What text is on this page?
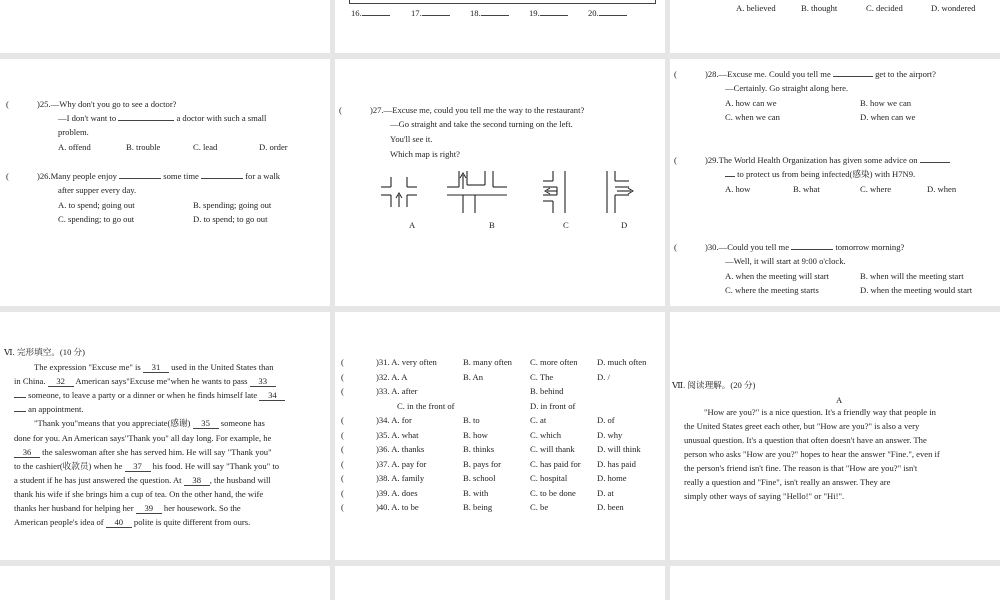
16.	17.	18.	19.	20.	A. believed	B. thought	C. decided	D. wondered
(	)25.—Why don't you go to see a doctor?
—I don't want to	a doctor with such a small
problem.
A. offend	B. trouble	C. lead	D. order
(	)26.Many people enjoy	some time	for a walk
after supper every day.
A. to spend; going out	B. spending; going out
C. spending; to go out	D. to spend; to go out
(	)27.—Excuse me, could you tell me the way to the restaurant?
—Go straight and take the second turning on the left.
You'll see it.
Which map is right?
A	B	C	D
(	)28.—Excuse me. Could you tell me	get to the airport?
—Certainly. Go straight along here.
A. how can we	B. how we can
C. when we can	D. when can we
(	)29.The World Health Organization has given some advice on
to protect us from being infected(感染) with H7N9.
A. how	B. what	C. where	D. when
(	)30.—Could you tell me	tomorrow morning?
—Well, it will start at 9:00 o'clock.
A. when the meeting will start	B. when will the meeting start
C. where the meeting starts	D. when the meeting would start
Ⅵ. 完形填空。(10 分)
The expression "Excuse me" is 31 used in the United States than
in China. 32 American says"Excuse me"when he wants to pass 33
someone, to leave a party or a dinner or when he finds himself late 34
an appointment.
"Thank you"means that you appreciate(感谢) 35 someone has
done for you. An American says"Thank you" all day long. For example, he
36 the saleswoman after she has served him. He will say "Thank you"
to the cashier(收款员) when he 37 his food. He will say "Thank you" to
a student if he has just answered the question. At 38 , the husband will
thank his wife if she brings him a cup of tea. On the other hand, the wife
thanks her husband for helping her 39 her housework. So the
American people's idea of 40 polite is quite different from ours.
(	)31. A. very often	B. many often C. more often D. much often
(	)32. A. A	B. An	C. The	D. /
(	)33. A. after	B. behind
C. in the front of	D. in front of
(	)34. A. for	B. to	C. at	D. of
(	)35. A. what	B. how	C. which	D. why
(	)36. A. thanks	B. thinks	C. will thank	D. will think
(	)37. A. pay for	B. pays for	C. has paid for D. has paid
(	)38. A. family	B. school	C. hospital	D. home
(	)39. A. does	B. with	C. to be done D. at
(	)40. A. to be	B. being	C. be	D. been
Ⅶ. 阅读理解。(20 分)
A
"How are you?" is a nice question. It's a friendly way that people in
the United States greet each other, but "How are you?" is also a very
unusual question. It's a question that often doesn't have an answer. The
person who asks "How are you?" hopes to hear the answer "Fine.", even if
the person's friend isn't fine. The reason is that "How are you?" isn't
really a question and "Fine", isn't really an answer. They are
simply other ways of saying "Hello!" or "Hi!".
